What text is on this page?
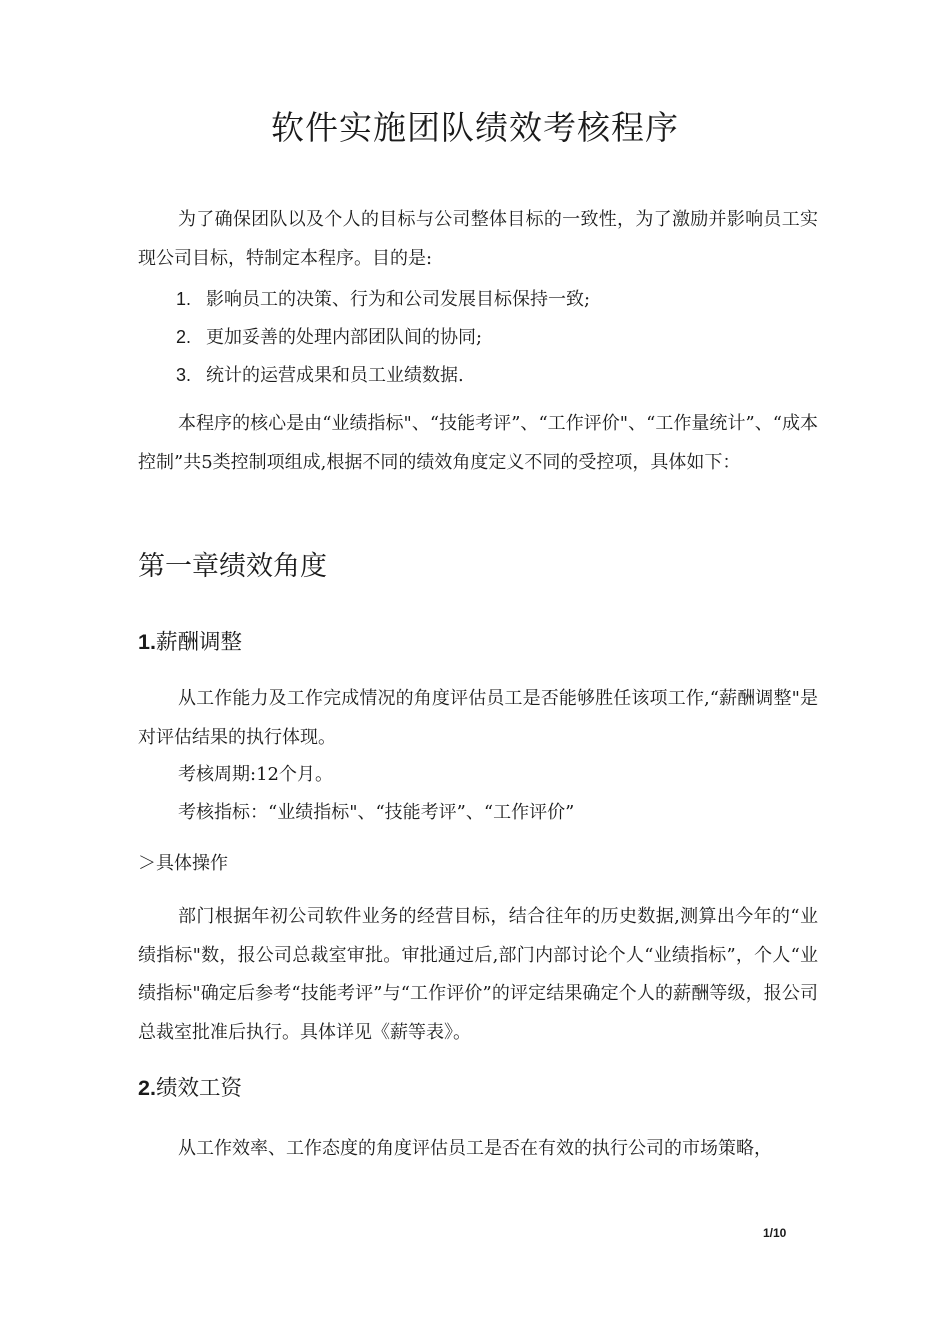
软件实施团队绩效考核程序
为了确保团队以及个人的目标与公司整体目标的一致性，为了激励并影响员工实现公司目标，特制定本程序。目的是:
1. 影响员工的决策、行为和公司发展目标保持一致;
2. 更加妥善的处理内部团队间的协同;
3. 统计的运营成果和员工业绩数据.
本程序的核心是由“业绩指标"、“技能考评”、“工作评价"、“工作量统计”、“成本控制”共5类控制项组成,根据不同的绩效角度定义不同的受控项，具体如下：
第一章绩效角度
1.薪酬调整
从工作能力及工作完成情况的角度评估员工是否能够胜任该项工作,“薪酬调整"是对评估结果的执行体现。
考核周期:12个月。
考核指标：“业绩指标"、“技能考评”、“工作评价”
＞具体操作
部门根据年初公司软件业务的经营目标，结合往年的历史数据,测算出今年的“业绩指标"数，报公司总裁室审批。审批通过后,部门内部讨论个人“业绩指标”，个人“业绩指标"确定后参考“技能考评”与“工作评价”的评定结果确定个人的薪酬等级，报公司总裁室批准后执行。具体详见《薪等表》。
2.绩效工资
从工作效率、工作态度的角度评估员工是否在有效的执行公司的市场策略，
1/10
